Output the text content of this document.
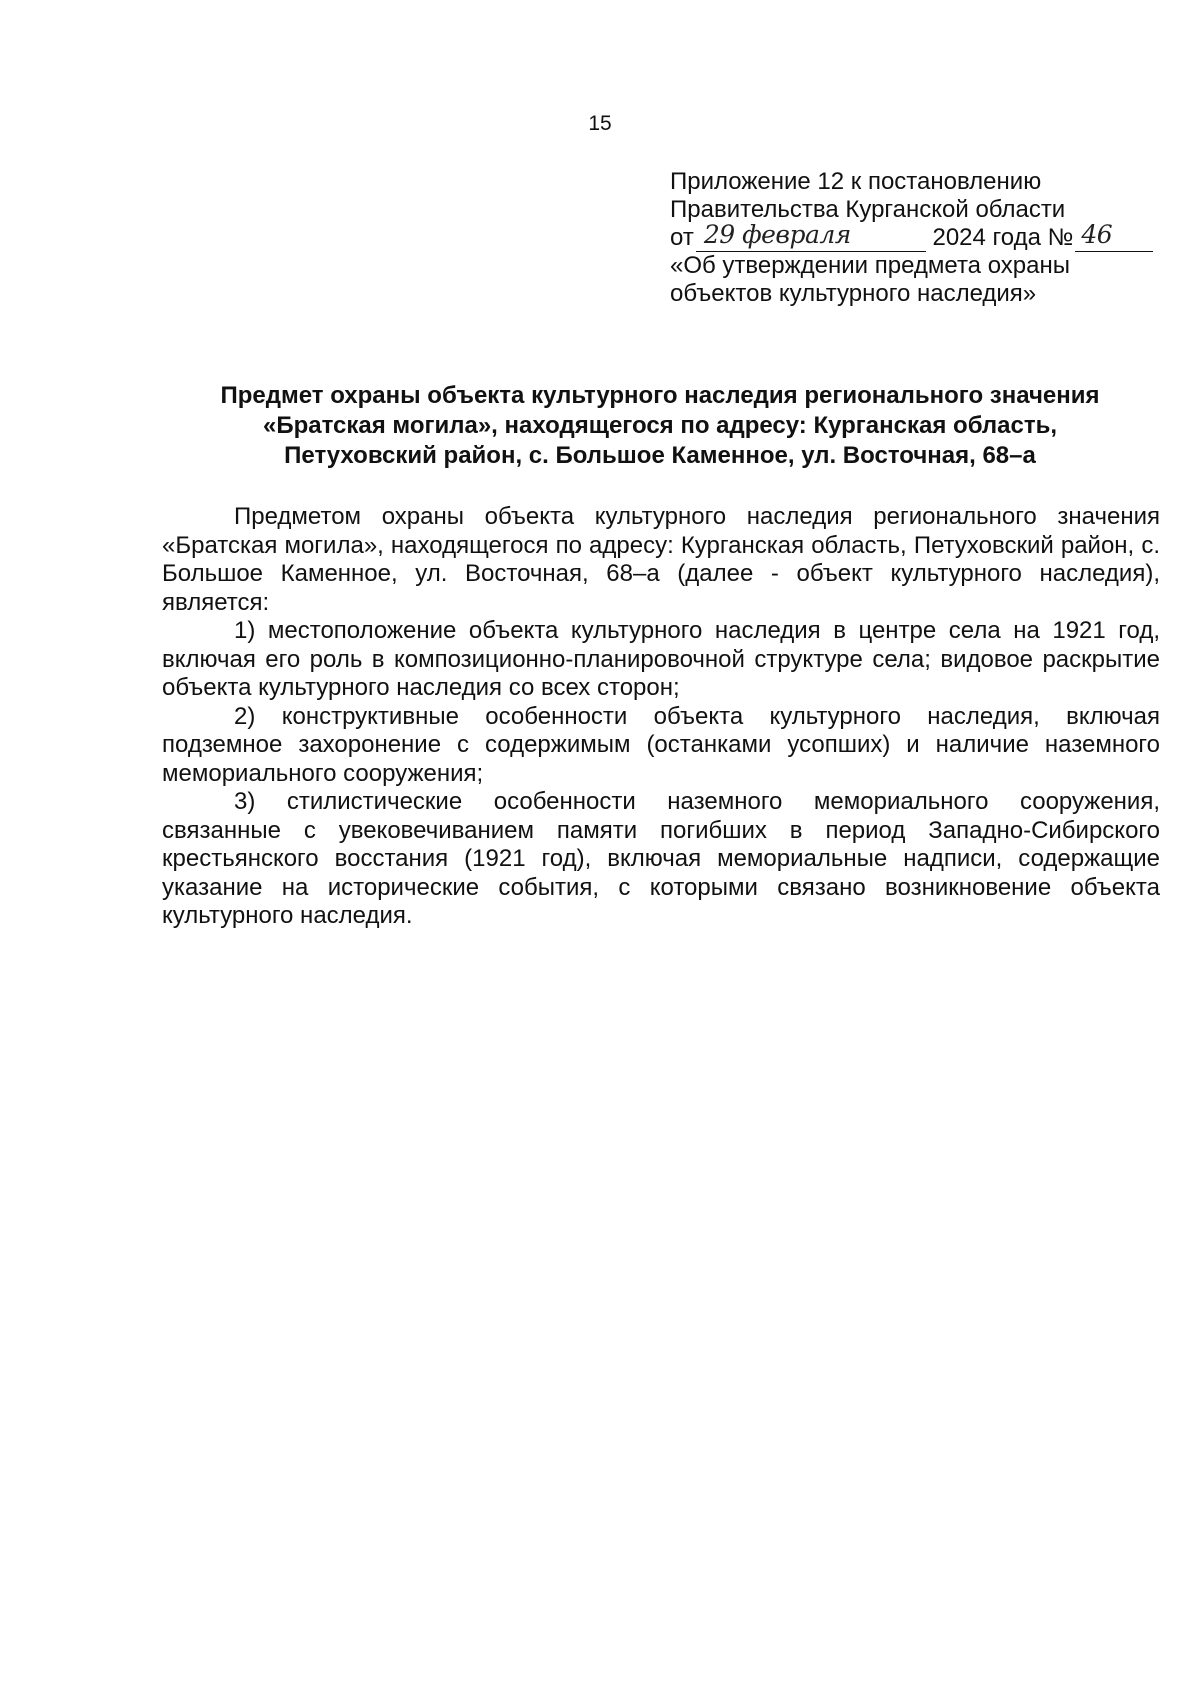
15
Приложение 12 к постановлению
Правительства Курганской области
от 29 февраля	2024 года № 46
«Об утверждении предмета охраны
объектов культурного наследия»
Предмет охраны объекта культурного наследия регионального значения
«Братская могила», находящегося по адресу: Курганская область,
Петуховский район, с. Большое Каменное, ул. Восточная, 68–а

Предметом охраны объекта культурного наследия регионального значения «Братская могила», находящегося по адресу: Курганская область, Петуховский район, с. Большое Каменное, ул. Восточная, 68–а (далее - объект культурного наследия), является:

1) местоположение объекта культурного наследия в центре села на 1921 год, включая его роль в композиционно-планировочной структуре села; видовое раскрытие объекта культурного наследия со всех сторон;

2) конструктивные особенности объекта культурного наследия, включая подземное захоронение с содержимым (останками усопших) и наличие наземного мемориального сооружения;

3) стилистические особенности наземного мемориального сооружения, связанные с увековечиванием памяти погибших в период Западно-Сибирского крестьянского восстания (1921 год), включая мемориальные надписи, содержащие указание на исторические события, с которыми связано возникновение объекта культурного наследия.
